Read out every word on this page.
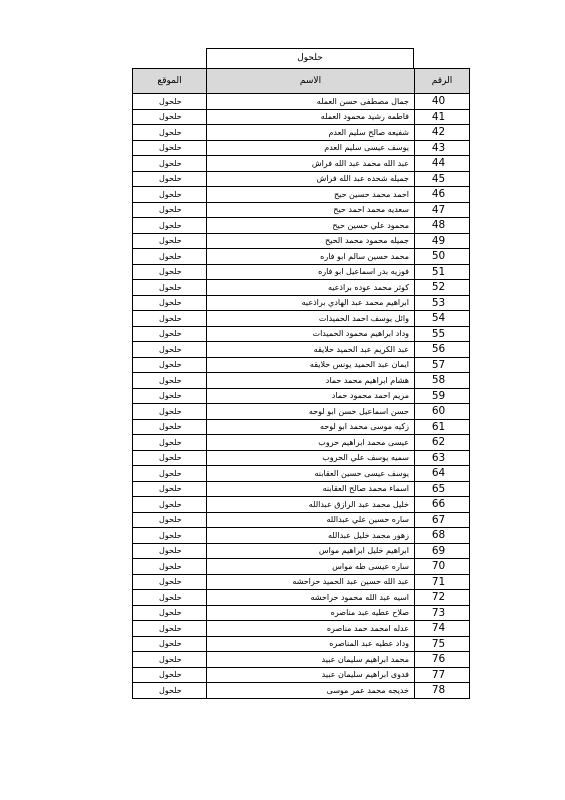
حلحول
الموقع	الاسم	الرقم
حلحول	جمال مصطفى حسن العمله	40
حلحول	فاطمه رشيد محمود العمله	41
حلحول	شفيعه صالح سليم العدم	42
حلحول	يوسف عيسى سليم العدم	43
حلحول	عبد الله محمد عبد الله فراش	44
حلحول	جميله شحده عبد الله فراش	45
حلحول	احمد محمد حسين حيح	46
حلحول	سعديه محمد احمد حيح	47
حلحول	محمود علي حسين حيح	48
حلحول	جميله محمود محمد الحيح	49
حلحول	محمد حسين سالم ابو فاره	50
حلحول	فوزيه بدر اسماعيل ابو فاره	51
حلحول	كوثر محمد عوده براذعيه	52
حلحول	ابراهيم محمد عبد الهادي براذعيه	53
حلحول	وائل يوسف احمد الحميدات	54
حلحول	وداد ابراهيم محمود الحميدات	55
حلحول	عبد الكريم عبد الحميد حلايقه	56
حلحول	ايمان عبد الحميد يونس حلايقه	57
حلحول	هشام ابراهيم محمد حماد	58
حلحول	مريم احمد محمود حماد	59
حلحول	حسن اسماعيل حسن ابو لوحه	60
حلحول	زكيه موسى محمد ابو لوحه	61
حلحول	عيسى محمد ابراهيم حروب	62
حلحول	سميه يوسف علي الحروب	63
حلحول	يوسف عيسى حسين العقابنه	64
حلحول	اسماء محمد صالح العقابنه	65
حلحول	خليل محمد عبد الرازق عبدالله	66
حلحول	ساره حسين علي عبدالله	67
حلحول	زهور محمد خليل عبدالله	68
حلحول	ابراهيم خليل ابراهيم مواس	69
حلحول	ساره عيسى طه مواس	70
حلحول	عبد الله حسين عبد الحميد حراحشه	71
حلحول	اسيه عبد الله محمود حراحشه	72
حلحول	صلاح عطيه عبد مناصره	73
حلحول	عدله امحمد حمد مناصره	74
حلحول	وداد عطيه عبد المناصره	75
حلحول	محمد ابراهيم سليمان عبيد	76
حلحول	فدوى ابراهيم سليمان عبيد	77
حلحول	خديجه محمد عمر موسى	78
